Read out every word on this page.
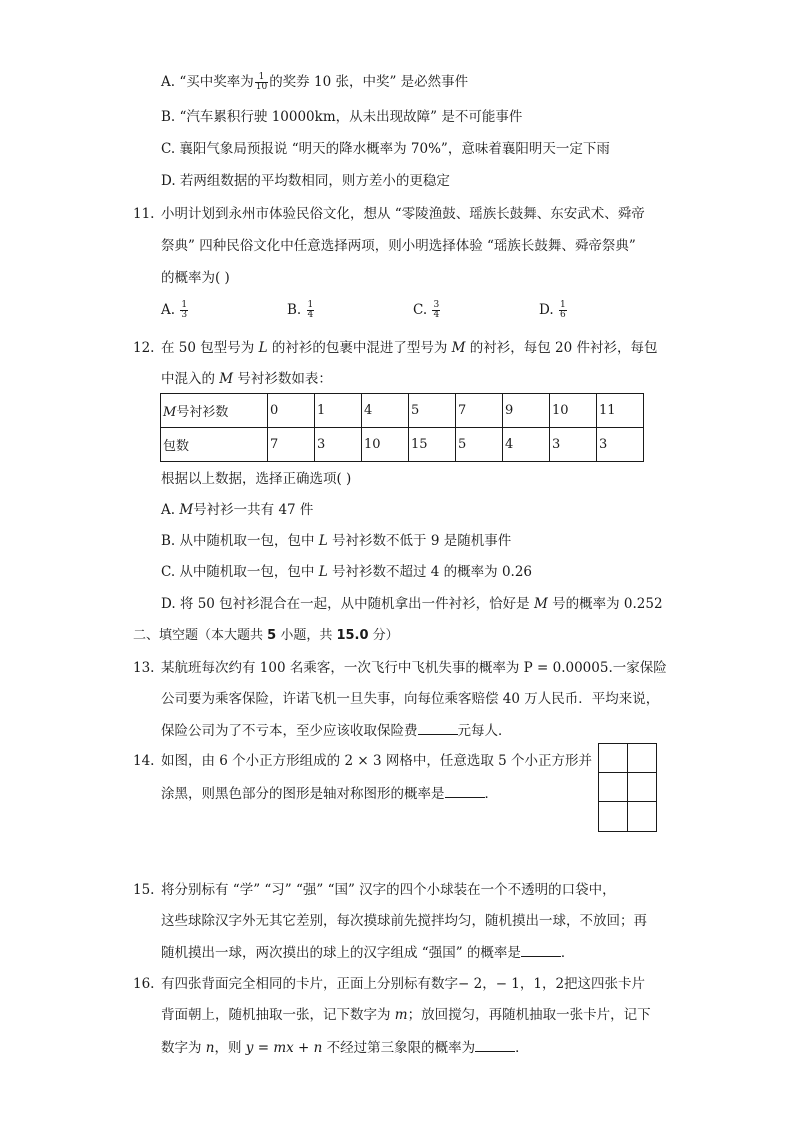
A. “买中奖率为 $\frac{1}{10}$ 的奖券 10 张，中奖” 是必然事件
B. “汽车累积行驶 10000km，从未出现故障” 是不可能事件
C. 襄阳气象局预报说 “明天的降水概率为 70%”，意味着襄阳明天一定下雨
D. 若两组数据的平均数相同，则方差小的更稳定
11. 小明计划到永州市体验民俗文化，想从 “零陵渔鼓、瑶族长鼓舞、东安武术、舜帝
祭典” 四种民俗文化中任意选择两项，则小明选择体验 “瑶族长鼓舞、舜帝祭典”
的概率为( )
A. $\frac{1}{3}$	B. $\frac{1}{4}$	C. $\frac{3}{4}$	D. $\frac{1}{6}$
12. 在 50 包型号为 L 的衬衫的包裹中混进了型号为 M 的衬衫，每包 20 件衬衫，每包
中混入的 M 号衬衫数如表：
M号衬衫数	0	1	4	5	7	9	10	11
包数	7	3	10	15	5	4	3	3
根据以上数据，选择正确选项( )
A. M号衬衫一共有 47 件
B. 从中随机取一包，包中 L 号衬衫数不低于 9 是随机事件
C. 从中随机取一包，包中 L 号衬衫数不超过 4 的概率为 0.26
D. 将 50 包衬衫混合在一起，从中随机拿出一件衬衫，恰好是 M 号的概率为 0.252
二、填空题（本大题共 5 小题，共 15.0 分）
13. 某航班每次约有 100 名乘客，一次飞行中飞机失事的概率为 P = 0.00005.一家保险
公司要为乘客保险，许诺飞机一旦失事，向每位乘客赔偿 40 万人民币．平均来说，
保险公司为了不亏本，至少应该收取保险费	元每人．
14. 如图，由 6 个小正方形组成的 2 × 3 网格中，任意选取 5 个小正方形并
涂黑，则黑色部分的图形是轴对称图形的概率是	．
15. 将分别标有 “学” “习” “强” “国” 汉字的四个小球装在一个不透明的口袋中，
这些球除汉字外无其它差别，每次摸球前先搅拌均匀，随机摸出一球，不放回；再
随机摸出一球，两次摸出的球上的汉字组成 “强国” 的概率是	．
16. 有四张背面完全相同的卡片，正面上分别标有数字− 2，− 1，1，2把这四张卡片
背面朝上，随机抽取一张，记下数字为 m；放回搅匀，再随机抽取一张卡片，记下
数字为 n，则 y = mx + n 不经过第三象限的概率为	．
